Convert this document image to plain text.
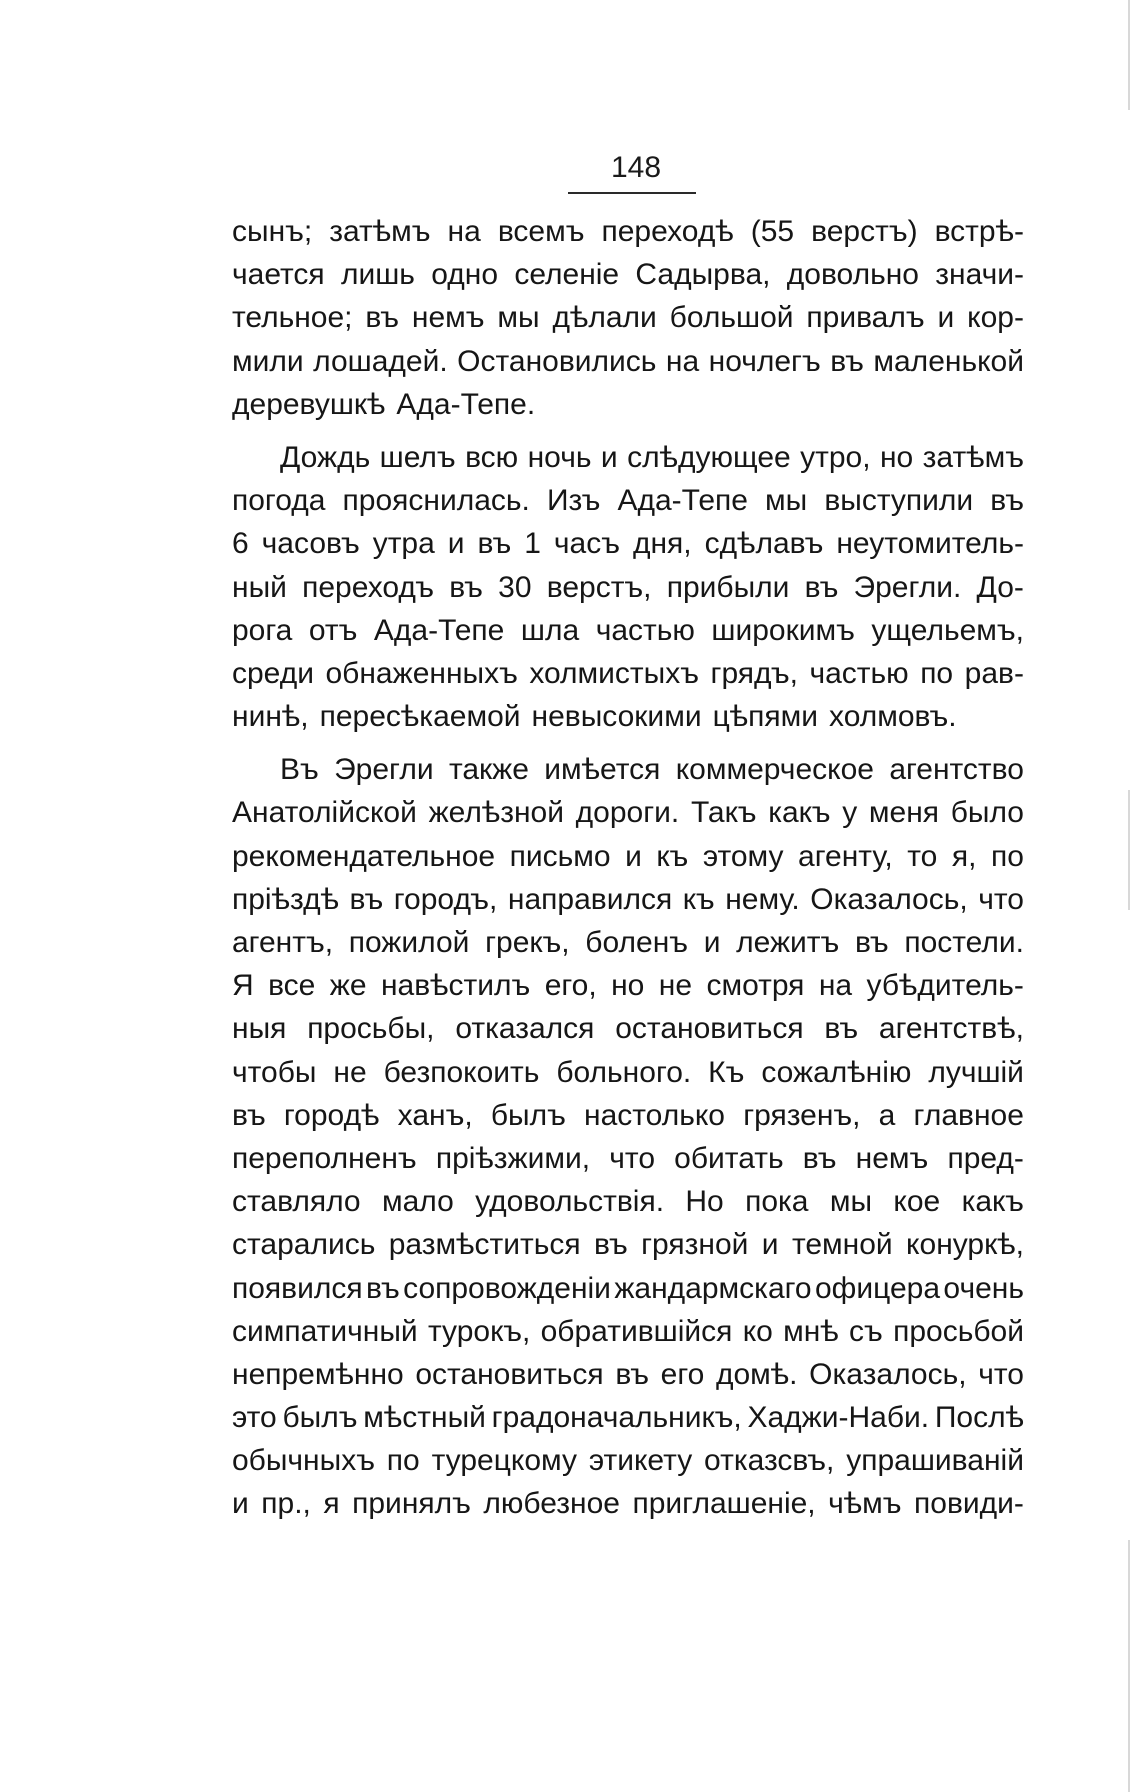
148
сынъ; затѣмъ на всемъ переходѣ (55 верстъ) встрѣ-
чается лишь одно селеніе Садырва, довольно значи-
тельное; въ немъ мы дѣлали большой привалъ и кор-
мили лошадей. Остановились на ночлегъ въ маленькой
деревушкѣ Ада-Тепе.
Дождь шелъ всю ночь и слѣдующее утро, но затѣмъ
погода прояснилась. Изъ Ада-Тепе мы выступили въ
6 часовъ утра и въ 1 часъ дня, сдѣлавъ неутомитель-
ный переходъ въ 30 верстъ, прибыли въ Эрегли. До-
рога отъ Ада-Тепе шла частью широкимъ ущельемъ,
среди обнаженныхъ холмистыхъ грядъ, частью по рав-
нинѣ, пересѣкаемой невысокими цѣпями холмовъ.
Въ Эрегли также имѣется коммерческое агентство
Анатолійской желѣзной дороги. Такъ какъ у меня было
рекомендательное письмо и къ этому агенту, то я, по
пріѣздѣ въ городъ, направился къ нему. Оказалось, что
агентъ, пожилой грекъ, боленъ и лежитъ въ постели.
Я все же навѣстилъ его, но не смотря на убѣдитель-
ныя просьбы, отказался остановиться въ агентствѣ,
чтобы не безпокоить больного. Къ сожалѣнію лучшій
въ городѣ ханъ, былъ настолько грязенъ, а главное
переполненъ пріѣзжими, что обитать въ немъ пред-
ставляло мало удовольствія. Но пока мы кое какъ
старались размѣститься въ грязной и темной конуркѣ,
появился въ сопровожденіи жандармскаго офицера очень
симпатичный турокъ, обратившійся ко мнѣ съ просьбой
непремѣнно остановиться въ его домѣ. Оказалось, что
это былъ мѣстный градоначальникъ, Хаджи-Наби. Послѣ
обычныхъ по турецкому этикету отказсвъ, упрашиваній
и пр., я принялъ любезное приглашеніе, чѣмъ повиди-
